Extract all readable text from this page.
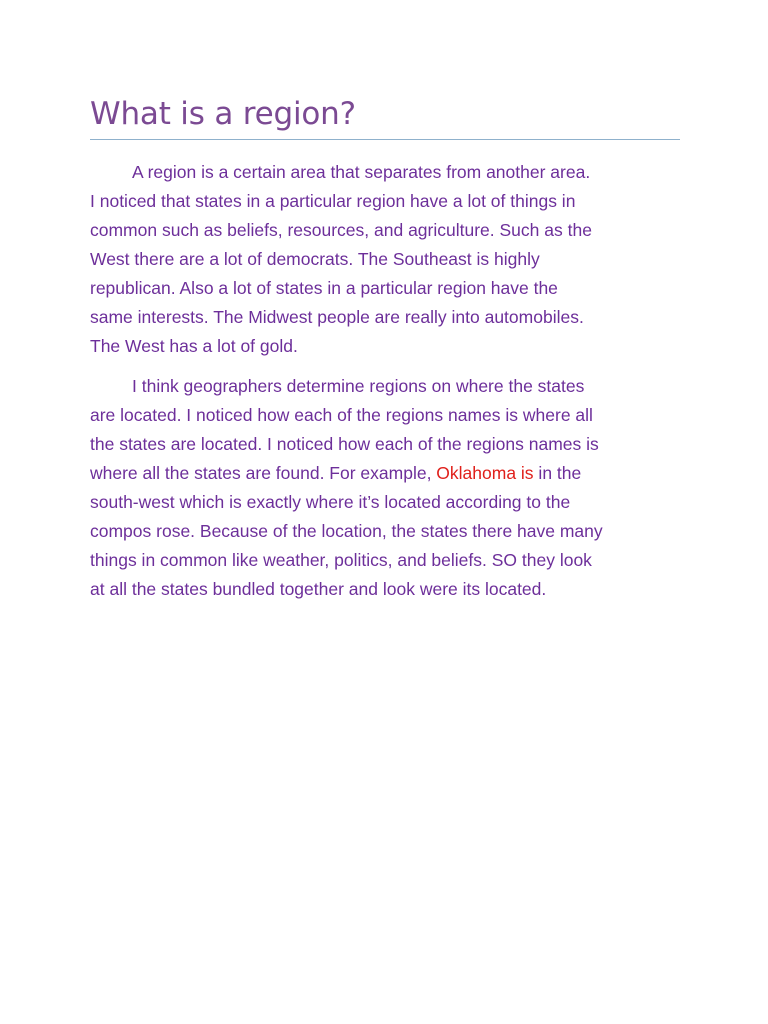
What is a region?
A region is a certain area that separates from another area.
I noticed that states in a particular region have a lot of things in
common such as beliefs, resources, and agriculture. Such as the
West there are a lot of democrats. The Southeast is highly
republican. Also a lot of states in a particular region have the
same interests. The Midwest people are really into automobiles.
The West has a lot of gold.
I think geographers determine regions on where the states
are located. I noticed how each of the regions names is where all
the states are located. I noticed how each of the regions names is
where all the states are found. For example, Oklahoma is in the
south-west which is exactly where it’s located according to the
compos rose. Because of the location, the states there have many
things in common like weather, politics, and beliefs. SO they look
at all the states bundled together and look were its located.
